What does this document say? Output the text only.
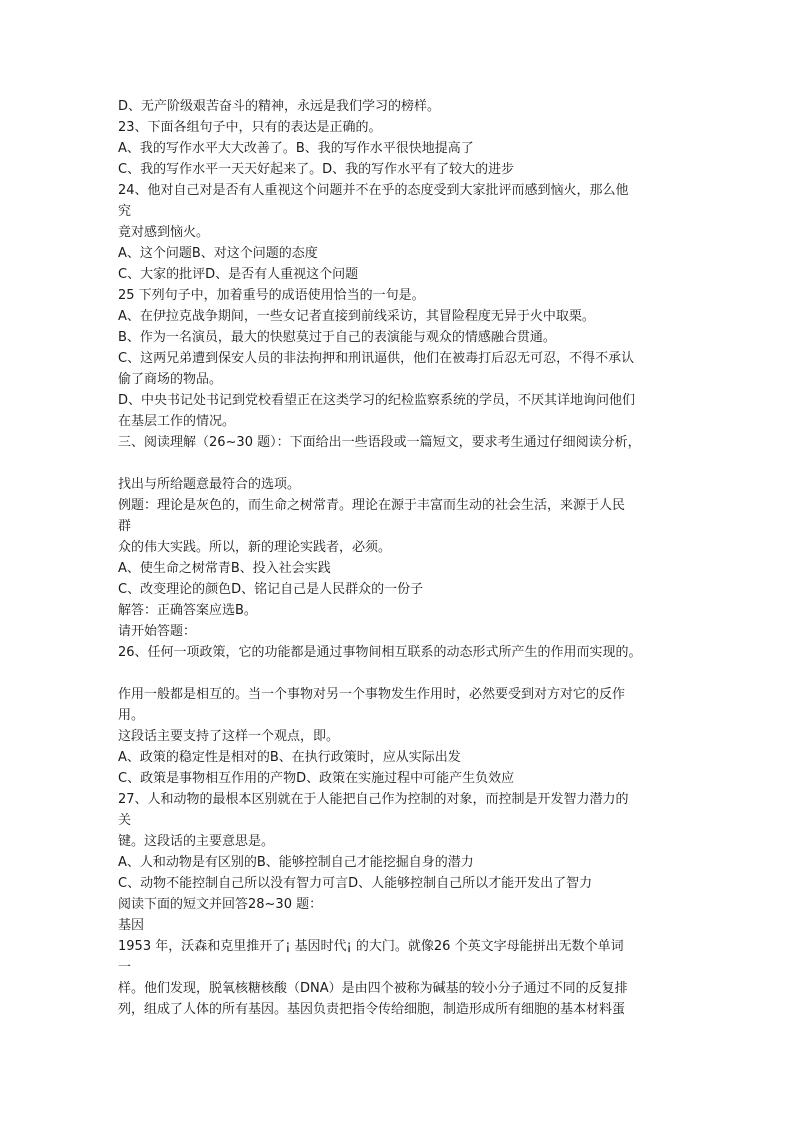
D、无产阶级艰苦奋斗的精神，永远是我们学习的榜样。
23、下面各组句子中，只有的表达是正确的。
A、我的写作水平大大改善了。B、我的写作水平很快地提高了
C、我的写作水平一天天好起来了。D、我的写作水平有了较大的进步
24、他对自己对是否有人重视这个问题并不在乎的态度受到大家批评而感到恼火，那么他
究
竟对感到恼火。
A、这个问题B、对这个问题的态度
C、大家的批评D、是否有人重视这个问题
25 下列句子中，加着重号的成语使用恰当的一句是。
A、在伊拉克战争期间，一些女记者直接到前线采访，其冒险程度无异于火中取栗。
B、作为一名演员，最大的快慰莫过于自己的表演能与观众的情感融合贯通。
C、这两兄弟遭到保安人员的非法拘押和刑讯逼供，他们在被毒打后忍无可忍，不得不承认
偷了商场的物品。
D、中央书记处书记到党校看望正在这类学习的纪检监察系统的学员，不厌其详地询问他们
在基层工作的情况。
三、阅读理解（26~30 题）：下面给出一些语段或一篇短文，要求考生通过仔细阅读分析，
找出与所给题意最符合的选项。
例题：理论是灰色的，而生命之树常青。理论在源于丰富而生动的社会生活，来源于人民
群
众的伟大实践。所以，新的理论实践者，必须。
A、使生命之树常青B、投入社会实践
C、改变理论的颜色D、铭记自己是人民群众的一份子
解答：正确答案应选B。
请开始答题：
26、任何一项政策，它的功能都是通过事物间相互联系的动态形式所产生的作用而实现的。
作用一般都是相互的。当一个事物对另一个事物发生作用时，必然要受到对方对它的反作
用。
这段话主要支持了这样一个观点，即。
A、政策的稳定性是相对的B、在执行政策时，应从实际出发
C、政策是事物相互作用的产物D、政策在实施过程中可能产生负效应
27、人和动物的最根本区别就在于人能把自己作为控制的对象，而控制是开发智力潜力的
关
键。这段话的主要意思是。
A、人和动物是有区别的B、能够控制自己才能挖掘自身的潜力
C、动物不能控制自己所以没有智力可言D、人能够控制自己所以才能开发出了智力
阅读下面的短文并回答28~30 题：
基因
1953 年，沃森和克里推开了¡ 基因时代¡ 的大门。就像26 个英文字母能拼出无数个单词
一
样。他们发现，脱氧核糖核酸（DNA）是由四个被称为碱基的较小分子通过不同的反复排
列，组成了人体的所有基因。基因负责把指令传给细胞，制造形成所有细胞的基本材料蛋
